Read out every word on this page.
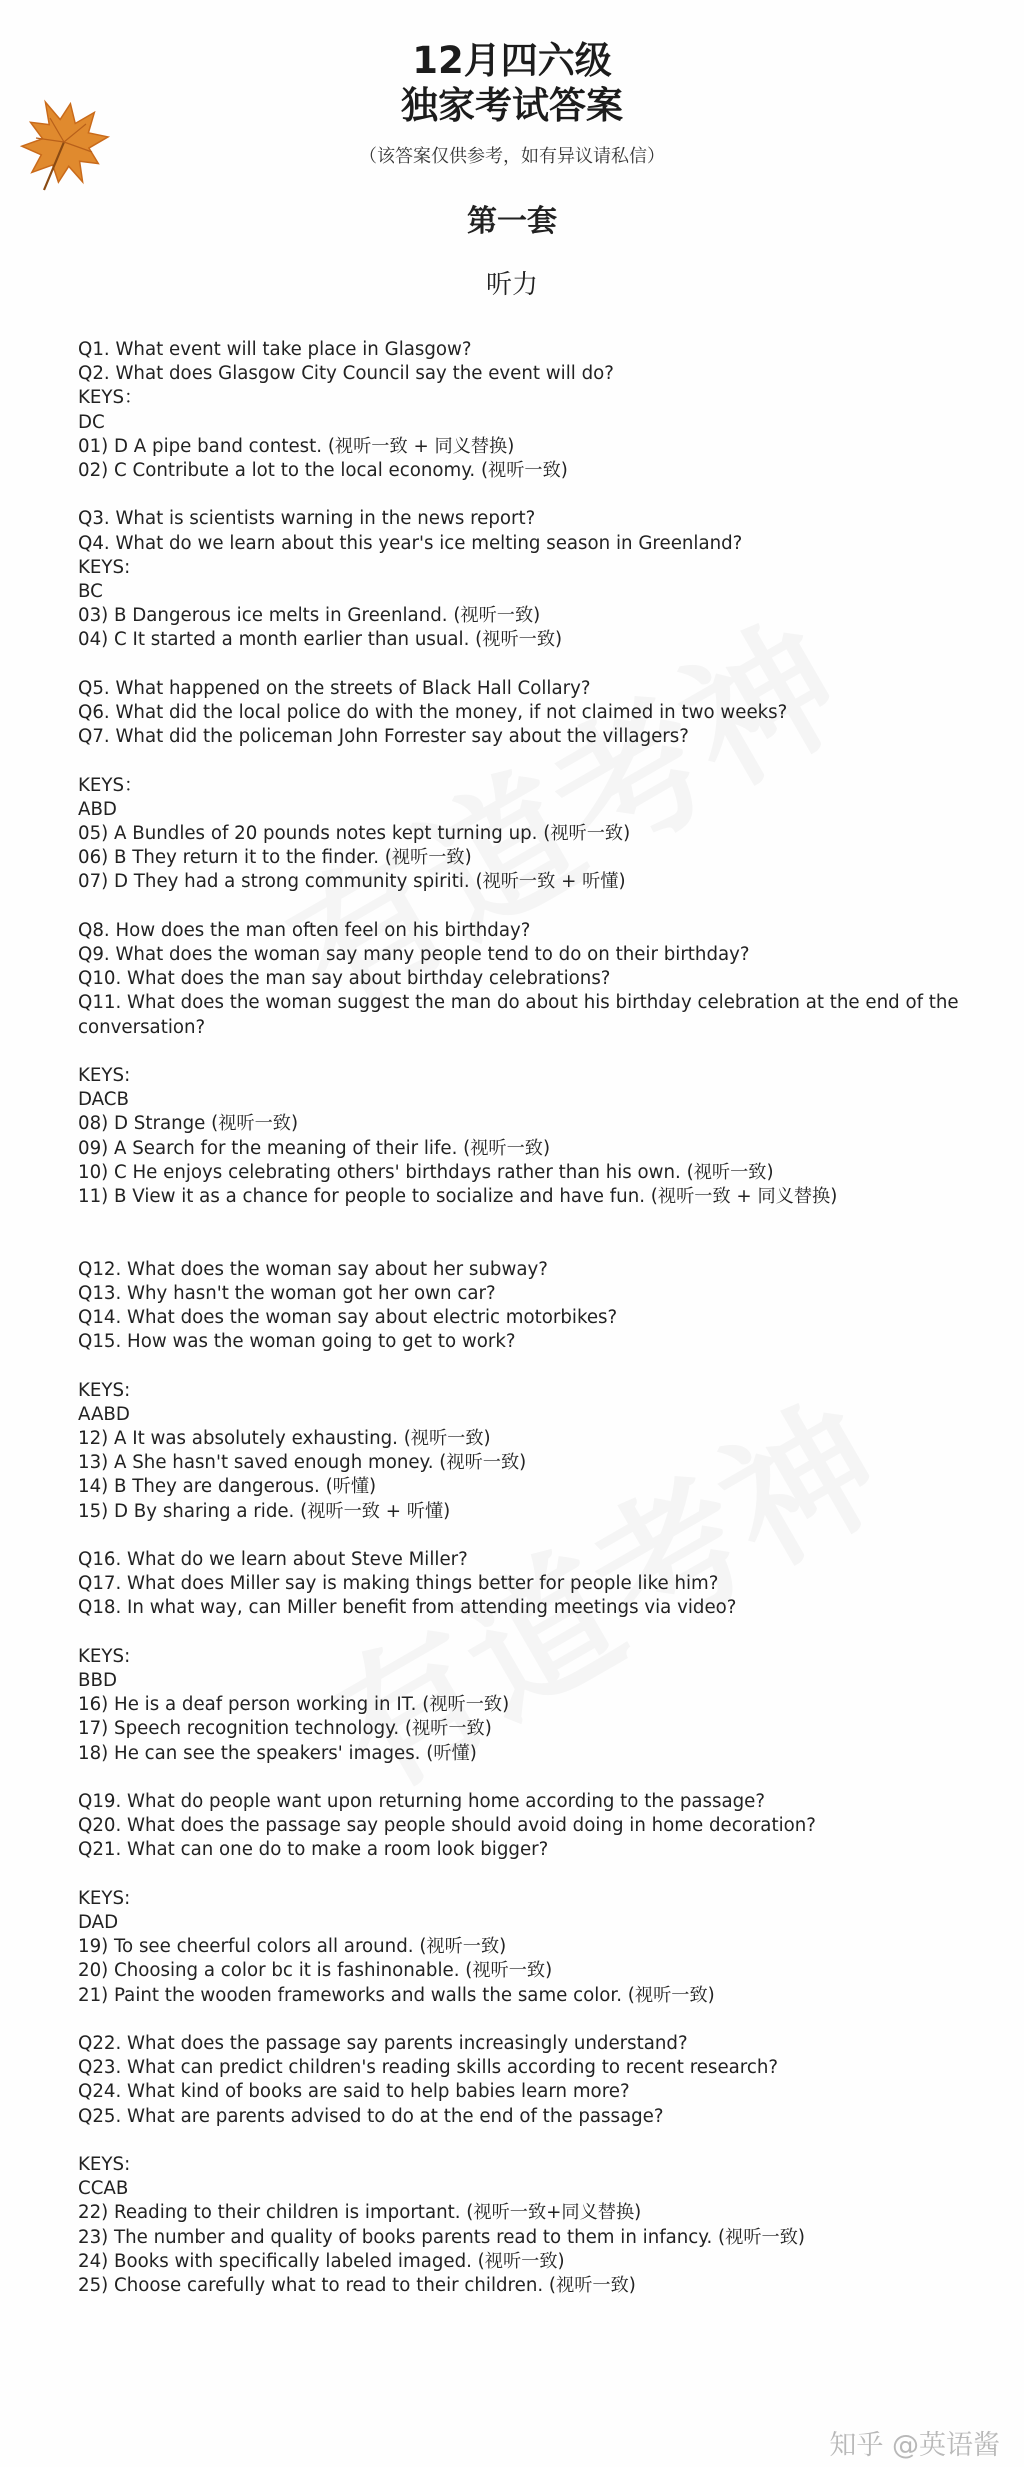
12月四六级
独家考试答案
（该答案仅供参考，如有异议请私信）
第一套
听力
Q1. What event will take place in Glasgow?
Q2. What does Glasgow City Council say the event will do?
KEYS：
DC
01) D A pipe band contest. (视听一致 + 同义替换)
02) C Contribute a lot to the local economy. (视听一致)
Q3. What is scientists warning in the news report?
Q4. What do we learn about this year's ice melting season in Greenland?
KEYS:
BC
03) B Dangerous ice melts in Greenland. (视听一致)
04) C It started a month earlier than usual. (视听一致)
Q5. What happened on the streets of Black Hall Collary?
Q6. What did the local police do with the money, if not claimed in two weeks?
Q7. What did the policeman John Forrester say about the villagers?
KEYS：
ABD
05) A Bundles of 20 pounds notes kept turning up. (视听一致)
06) B They return it to the finder. (视听一致)
07) D They had a strong community spiriti. (视听一致 + 听懂)
Q8. How does the man often feel on his birthday?
Q9. What does the woman say many people tend to do on their birthday?
Q10. What does the man say about birthday celebrations?
Q11. What does the woman suggest the man do about his birthday celebration at the end of the
conversation?
KEYS:
DACB
08) D Strange (视听一致)
09) A Search for the meaning of their life. (视听一致)
10) C He enjoys celebrating others' birthdays rather than his own. (视听一致)
11) B View it as a chance for people to socialize and have fun. (视听一致 + 同义替换)
Q12. What does the woman say about her subway?
Q13. Why hasn't the woman got her own car?
Q14. What does the woman say about electric motorbikes?
Q15. How was the woman going to get to work?
KEYS:
AABD
12) A It was absolutely exhausting. (视听一致)
13) A She hasn't saved enough money. (视听一致)
14) B They are dangerous. (听懂)
15) D By sharing a ride. (视听一致 + 听懂)
Q16. What do we learn about Steve Miller?
Q17. What does Miller say is making things better for people like him?
Q18. In what way, can Miller benefit from attending meetings via video?
KEYS:
BBD
16) He is a deaf person working in IT. (视听一致)
17) Speech recognition technology. (视听一致)
18) He can see the speakers' images. (听懂)
Q19. What do people want upon returning home according to the passage?
Q20. What does the passage say people should avoid doing in home decoration?
Q21. What can one do to make a room look bigger?
KEYS:
DAD
19) To see cheerful colors all around. (视听一致)
20) Choosing a color bc it is fashinonable. (视听一致)
21) Paint the wooden frameworks and walls the same color. (视听一致)
Q22. What does the passage say parents increasingly understand?
Q23. What can predict children's reading skills according to recent research?
Q24. What kind of books are said to help babies learn more?
Q25. What are parents advised to do at the end of the passage?
KEYS:
CCAB
22) Reading to their children is important. (视听一致+同义替换)
23) The number and quality of books parents read to them in infancy. (视听一致)
24) Books with specifically labeled imaged. (视听一致)
25) Choose carefully what to read to their children. (视听一致)
知乎 @英语酱
